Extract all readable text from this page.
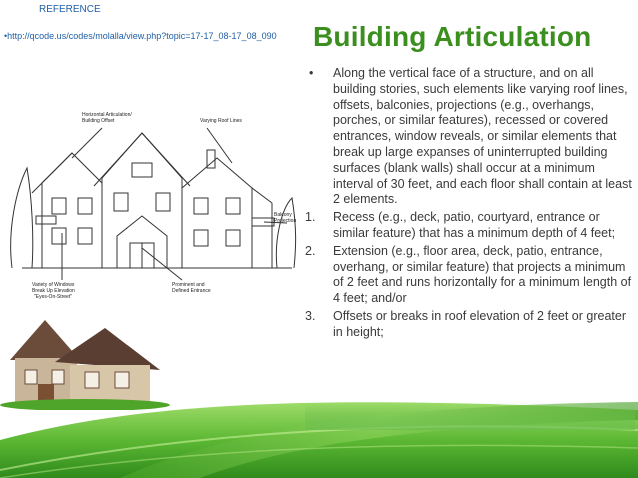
REFERENCE
•http://qcode.us/codes/molalla/view.php?topic=17-17_08-17_08_090 Building Articulation
Horizontal Articulation/
Building Offset	Varying Roof Lines
Balcony
Projection
Variety of Windows
Break Up Elevation
"Eyes-On-Street"
Prominent and
Defined Entrance
• Along the vertical face of a structure, and on all building stories, such elements like varying roof lines, offsets, balconies, projections (e.g., overhangs, porches, or similar features), recessed or covered entrances, window reveals, or similar elements that break up large expanses of uninterrupted building surfaces (blank walls) shall occur at a minimum interval of 30 feet, and each floor shall contain at least 2 elements.
1. Recess (e.g., deck, patio, courtyard, entrance or similar feature) that has a minimum depth of 4 feet;
2. Extension (e.g., floor area, deck, patio, entrance, overhang, or similar feature) that projects a minimum of 2 feet and runs horizontally for a minimum length of 4 feet; and/or
3. Offsets or breaks in roof elevation of 2 feet or greater in height;
